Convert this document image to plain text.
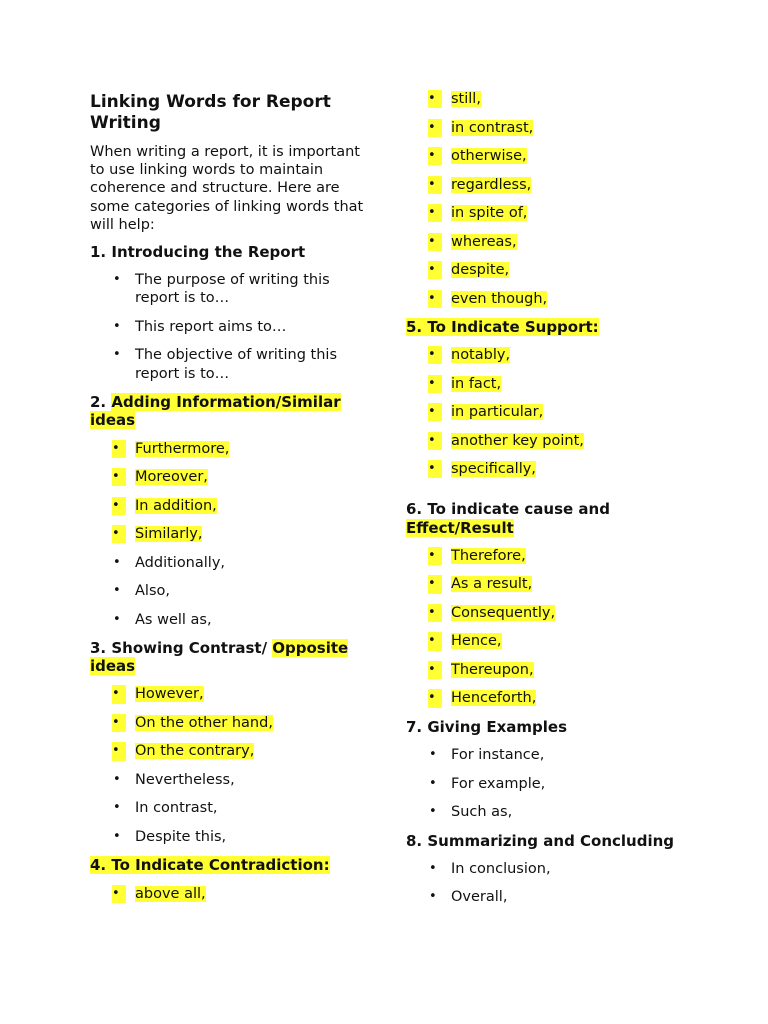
Linking Words for Report Writing

When writing a report, it is important to use linking words to maintain coherence and structure. Here are some categories of linking words that will help:

1. Introducing the Report
• The purpose of writing this report is to…
• This report aims to…
• The objective of writing this report is to…
2. Adding Information/Similar ideas
•	Furthermore,
•	Moreover,
•	In addition,
•	Similarly,
• Additionally,
• Also,
• As well as,
3. Showing Contrast/ Opposite ideas
•	However,
•	On the other hand,
•	On the contrary,
• Nevertheless,
• In contrast,
• Despite this,
4. To Indicate Contradiction:
•	above all,
•	still,
•	in contrast,
•	otherwise,
•	regardless,
•	in spite of,
•	whereas,
•	despite,
•	even though,
5. To Indicate Support:
•	notably,
•	in fact,
•	in particular,
•	another key point,
•	specifically,
6. To indicate cause and Effect/Result
•	Therefore,
•	As a result,
•	Consequently,
•	Hence,
•	Thereupon,
•	Henceforth,
7. Giving Examples
• For instance,
• For example,
• Such as,
8. Summarizing and Concluding
• In conclusion,
• Overall,
